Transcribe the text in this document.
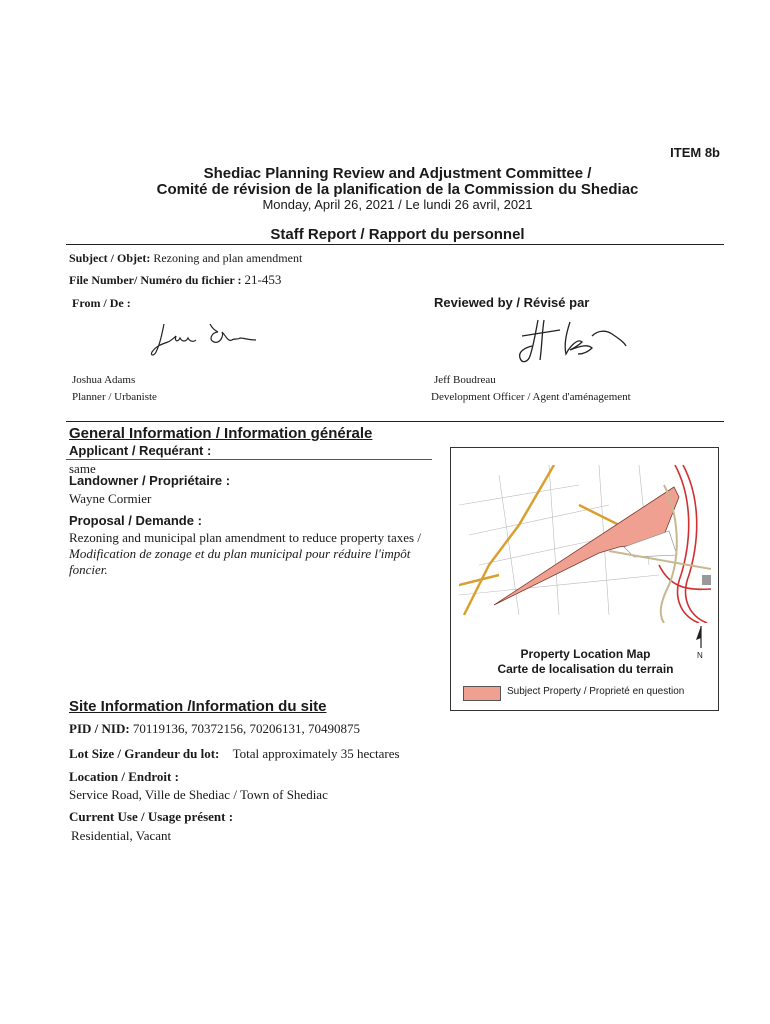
ITEM 8b
Shediac Planning Review and Adjustment Committee /
Comité de révision de la planification de la Commission du Shediac
Monday, April 26, 2021 / Le lundi 26 avril, 2021
Staff Report / Rapport du personnel
Subject / Objet: Rezoning and plan amendment
File Number/ Numéro du fichier : 21-453
From / De :	Reviewed by / Révisé par
Joshua Adams
Planner / Urbaniste
Jeff Boudreau
Development Officer / Agent d'aménagement
General Information / Information générale
Applicant / Requérant :
same
Landowner / Propriétaire :
Wayne Cormier
Proposal / Demande :
Rezoning and municipal plan amendment to reduce property taxes / Modification de zonage et du plan municipal pour réduire l'impôt foncier.
N
Property Location Map
Carte de localisation du terrain
Subject Property / Proprieté en question
Site Information /Information du site
PID / NID: 70119136, 70372156, 70206131, 70490875
Lot Size / Grandeur du lot: Total approximately 35 hectares
Location / Endroit :
Service Road, Ville de Shediac / Town of Shediac
Current Use / Usage présent :
Residential, Vacant
